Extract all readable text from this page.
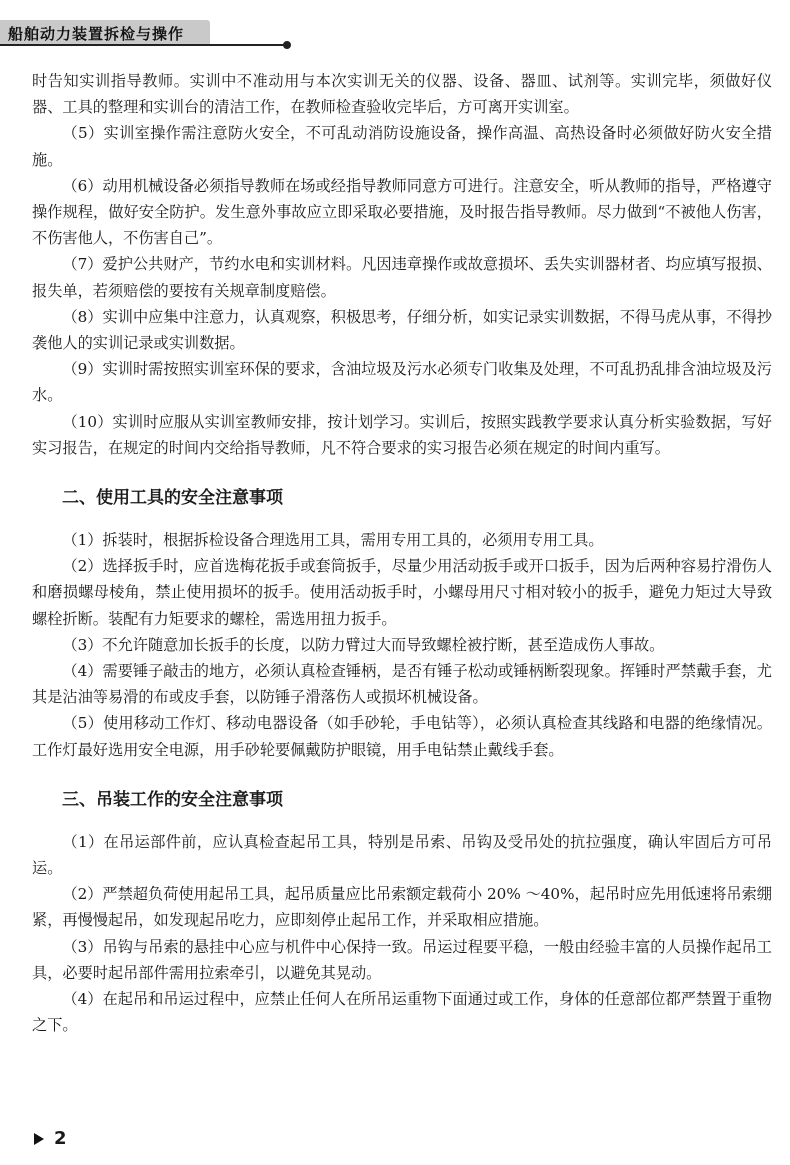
船舶动力装置拆检与操作

时告知实训指导教师。实训中不准动用与本次实训无关的仪器、设备、器皿、试剂等。实训完毕，须做好仪器、工具的整理和实训台的清洁工作，在教师检查验收完毕后，方可离开实训室。

（5）实训室操作需注意防火安全，不可乱动消防设施设备，操作高温、高热设备时必须做好防火安全措施。

（6）动用机械设备必须指导教师在场或经指导教师同意方可进行。注意安全，听从教师的指导，严格遵守操作规程，做好安全防护。发生意外事故应立即采取必要措施，及时报告指导教师。尽力做到“不被他人伤害，不伤害他人，不伤害自己”。

（7）爱护公共财产，节约水电和实训材料。凡因违章操作或故意损坏、丢失实训器材者、均应填写报损、报失单，若须赔偿的要按有关规章制度赔偿。

（8）实训中应集中注意力，认真观察，积极思考，仔细分析，如实记录实训数据，不得马虎从事，不得抄袭他人的实训记录或实训数据。

（9）实训时需按照实训室环保的要求，含油垃圾及污水必须专门收集及处理，不可乱扔乱排含油垃圾及污水。

（10）实训时应服从实训室教师安排，按计划学习。实训后，按照实践教学要求认真分析实验数据，写好实习报告，在规定的时间内交给指导教师，凡不符合要求的实习报告必须在规定的时间内重写。

二、使用工具的安全注意事项

（1）拆装时，根据拆检设备合理选用工具，需用专用工具的，必须用专用工具。

（2）选择扳手时，应首选梅花扳手或套筒扳手，尽量少用活动扳手或开口扳手，因为后两种容易拧滑伤人和磨损螺母棱角，禁止使用损坏的扳手。使用活动扳手时，小螺母用尺寸相对较小的扳手，避免力矩过大导致螺栓折断。装配有力矩要求的螺栓，需选用扭力扳手。

（3）不允许随意加长扳手的长度，以防力臂过大而导致螺栓被拧断，甚至造成伤人事故。

（4）需要锤子敲击的地方，必须认真检查锤柄，是否有锤子松动或锤柄断裂现象。挥锤时严禁戴手套，尤其是沾油等易滑的布或皮手套，以防锤子滑落伤人或损坏机械设备。

（5）使用移动工作灯、移动电器设备（如手砂轮，手电钻等），必须认真检查其线路和电器的绝缘情况。工作灯最好选用安全电源，用手砂轮要佩戴防护眼镜，用手电钻禁止戴线手套。

三、吊装工作的安全注意事项

（1）在吊运部件前，应认真检查起吊工具，特别是吊索、吊钩及受吊处的抗拉强度，确认牢固后方可吊运。

（2）严禁超负荷使用起吊工具，起吊质量应比吊索额定载荷小 20% ～40%，起吊时应先用低速将吊索绷紧，再慢慢起吊，如发现起吊吃力，应即刻停止起吊工作，并采取相应措施。

（3）吊钩与吊索的悬挂中心应与机件中心保持一致。吊运过程要平稳，一般由经验丰富的人员操作起吊工具，必要时起吊部件需用拉索牵引，以避免其晃动。

（4）在起吊和吊运过程中，应禁止任何人在所吊运重物下面通过或工作，身体的任意部位都严禁置于重物之下。

2
